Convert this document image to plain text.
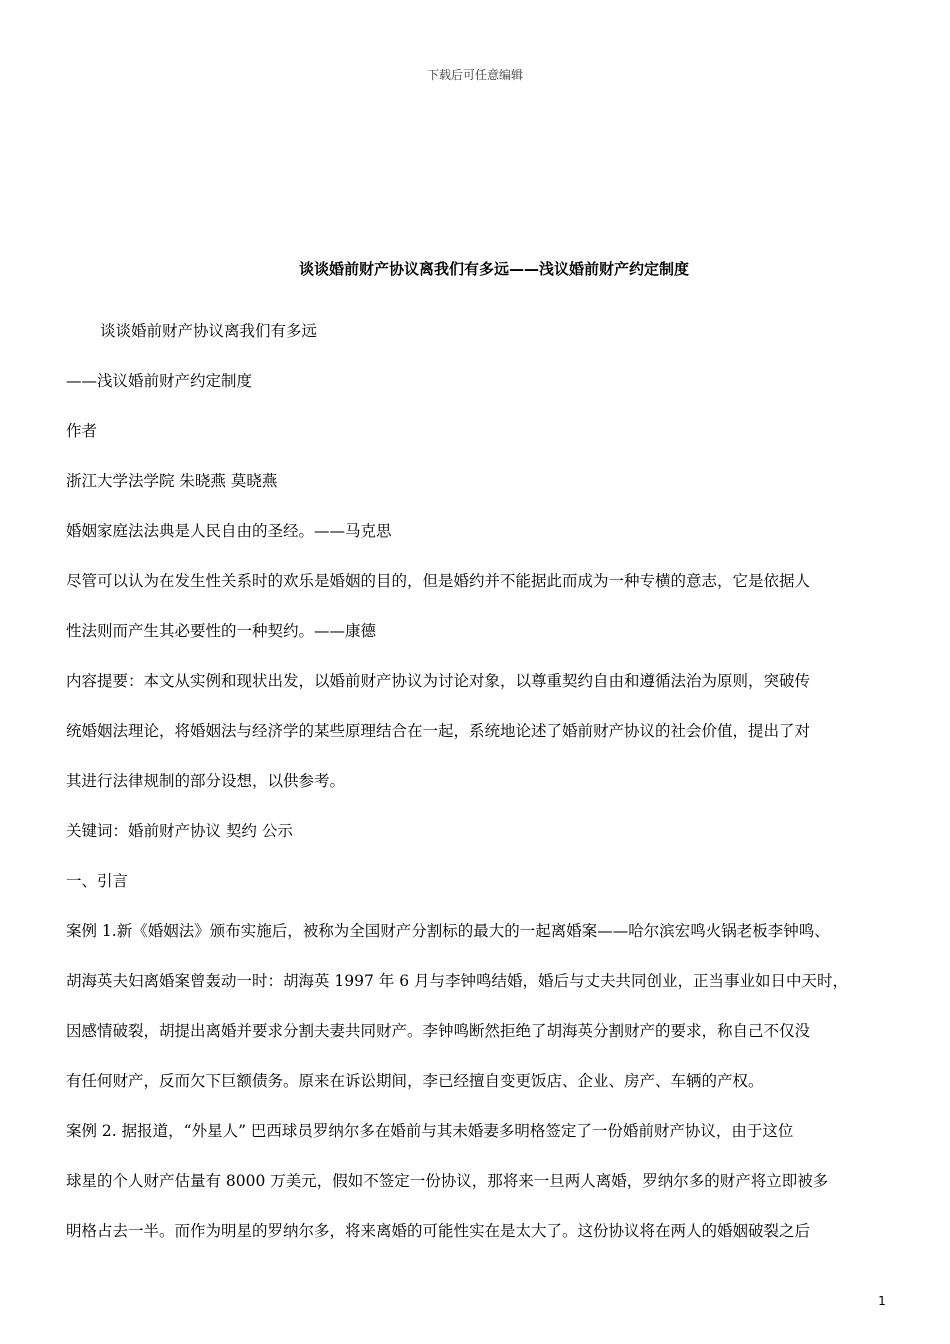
下载后可任意编辑
谈谈婚前财产协议离我们有多远——浅议婚前财产约定制度

谈谈婚前财产协议离我们有多远

——浅议婚前财产约定制度

作者

浙江大学法学院 朱晓燕 莫晓燕

婚姻家庭法法典是人民自由的圣经。——马克思

尽管可以认为在发生性关系时的欢乐是婚姻的目的，但是婚约并不能据此而成为一种专横的意志，它是依据人

性法则而产生其必要性的一种契约。——康德

内容提要：本文从实例和现状出发，以婚前财产协议为讨论对象，以尊重契约自由和遵循法治为原则，突破传

统婚姻法理论，将婚姻法与经济学的某些原理结合在一起，系统地论述了婚前财产协议的社会价值，提出了对

其进行法律规制的部分设想，以供参考。

关键词：婚前财产协议 契约 公示

一、引言

案例 1.新《婚姻法》颁布实施后，被称为全国财产分割标的最大的一起离婚案——哈尔滨宏鸣火锅老板李钟鸣、

胡海英夫妇离婚案曾轰动一时：胡海英 1997 年 6 月与李钟鸣结婚，婚后与丈夫共同创业，正当事业如日中天时，

因感情破裂，胡提出离婚并要求分割夫妻共同财产。李钟鸣断然拒绝了胡海英分割财产的要求，称自己不仅没

有任何财产，反而欠下巨额债务。原来在诉讼期间，李已经擅自变更饭店、企业、房产、车辆的产权。

案例 2. 据报道，“外星人” 巴西球员罗纳尔多在婚前与其未婚妻多明格签定了一份婚前财产协议，由于这位

球星的个人财产估量有 8000 万美元，假如不签定一份协议，那将来一旦两人离婚，罗纳尔多的财产将立即被多

明格占去一半。而作为明星的罗纳尔多，将来离婚的可能性实在是太大了。这份协议将在两人的婚姻破裂之后

1
